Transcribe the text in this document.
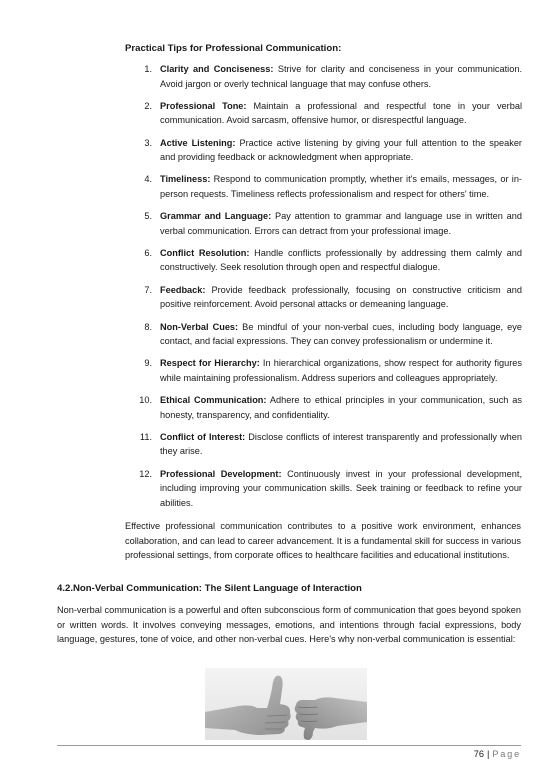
Practical Tips for Professional Communication:

1. Clarity and Conciseness: Strive for clarity and conciseness in your communication. Avoid jargon or overly technical language that may confuse others.
2. Professional Tone: Maintain a professional and respectful tone in your verbal communication. Avoid sarcasm, offensive humor, or disrespectful language.
3. Active Listening: Practice active listening by giving your full attention to the speaker and providing feedback or acknowledgment when appropriate.
4. Timeliness: Respond to communication promptly, whether it's emails, messages, or in-person requests. Timeliness reflects professionalism and respect for others' time.
5. Grammar and Language: Pay attention to grammar and language use in written and verbal communication. Errors can detract from your professional image.
6. Conflict Resolution: Handle conflicts professionally by addressing them calmly and constructively. Seek resolution through open and respectful dialogue.
7. Feedback: Provide feedback professionally, focusing on constructive criticism and positive reinforcement. Avoid personal attacks or demeaning language.
8. Non-Verbal Cues: Be mindful of your non-verbal cues, including body language, eye contact, and facial expressions. They can convey professionalism or undermine it.
9. Respect for Hierarchy: In hierarchical organizations, show respect for authority figures while maintaining professionalism. Address superiors and colleagues appropriately.
10. Ethical Communication: Adhere to ethical principles in your communication, such as honesty, transparency, and confidentiality.
11. Conflict of Interest: Disclose conflicts of interest transparently and professionally when they arise.
12. Professional Development: Continuously invest in your professional development, including improving your communication skills. Seek training or feedback to refine your abilities.

Effective professional communication contributes to a positive work environment, enhances collaboration, and can lead to career advancement. It is a fundamental skill for success in various professional settings, from corporate offices to healthcare facilities and educational institutions.

4.2.Non-Verbal Communication: The Silent Language of Interaction

Non-verbal communication is a powerful and often subconscious form of communication that goes beyond spoken or written words. It involves conveying messages, emotions, and intentions through facial expressions, body language, gestures, tone of voice, and other non-verbal cues. Here's why non-verbal communication is essential:

76 | Page
